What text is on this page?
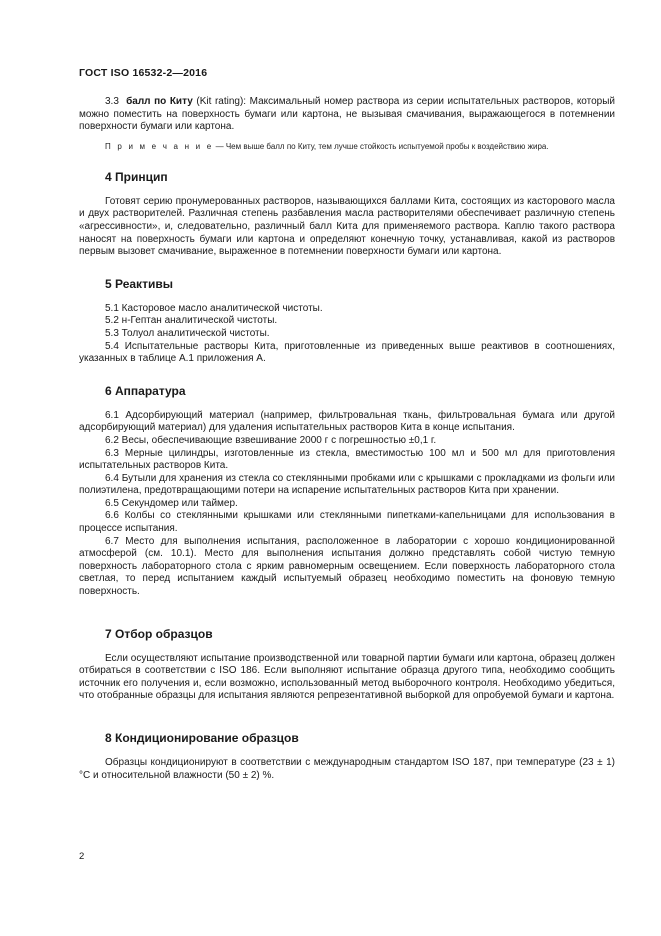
ГОСТ ISO 16532-2—2016

3.3 балл по Киту (Kit rating): Максимальный номер раствора из серии испытательных растворов, который можно поместить на поверхность бумаги или картона, не вызывая смачивания, выражающегося в потемнении поверхности бумаги или картона.

П р и м е ч а н и е — Чем выше балл по Киту, тем лучше стойкость испытуемой пробы к воздействию жира.

4 Принцип

Готовят серию пронумерованных растворов, называющихся баллами Кита, состоящих из касторового масла и двух растворителей. Различная степень разбавления масла растворителями обеспечивает различную степень «агрессивности», и, следовательно, различный балл Кита для применяемого раствора. Каплю такого раствора наносят на поверхность бумаги или картона и определяют конечную точку, устанавливая, какой из растворов первым вызовет смачивание, выраженное в потемнении поверхности бумаги или картона.

5 Реактивы

5.1 Касторовое масло аналитической чистоты.

5.2 н-Гептан аналитической чистоты.

5.3 Толуол аналитической чистоты.

5.4 Испытательные растворы Кита, приготовленные из приведенных выше реактивов в соотношениях, указанных в таблице А.1 приложения А.

6 Аппаратура

6.1 Адсорбирующий материал (например, фильтровальная ткань, фильтровальная бумага или другой адсорбирующий материал) для удаления испытательных растворов Кита в конце испытания.

6.2 Весы, обеспечивающие взвешивание 2000 г с погрешностью ±0,1 г.

6.3 Мерные цилиндры, изготовленные из стекла, вместимостью 100 мл и 500 мл для приготовления испытательных растворов Кита.

6.4 Бутыли для хранения из стекла со стеклянными пробками или с крышками с прокладками из фольги или полиэтилена, предотвращающими потери на испарение испытательных растворов Кита при хранении.

6.5 Секундомер или таймер.

6.6 Колбы со стеклянными крышками или стеклянными пипетками-капельницами для использования в процессе испытания.

6.7 Место для выполнения испытания, расположенное в лаборатории с хорошо кондиционированной атмосферой (см. 10.1). Место для выполнения испытания должно представлять собой чистую темную поверхность лабораторного стола с ярким равномерным освещением. Если поверхность лабораторного стола светлая, то перед испытанием каждый испытуемый образец необходимо поместить на фоновую темную поверхность.

7 Отбор образцов

Если осуществляют испытание производственной или товарной партии бумаги или картона, образец должен отбираться в соответствии с ISO 186. Если выполняют испытание образца другого типа, необходимо сообщить источник его получения и, если возможно, использованный метод выборочного контроля. Необходимо убедиться, что отобранные образцы для испытания являются репрезентативной выборкой для опробуемой бумаги и картона.

8 Кондиционирование образцов

Образцы кондиционируют в соответствии с международным стандартом ISO 187, при температуре (23 ± 1) °С и относительной влажности (50 ± 2) %.

2
